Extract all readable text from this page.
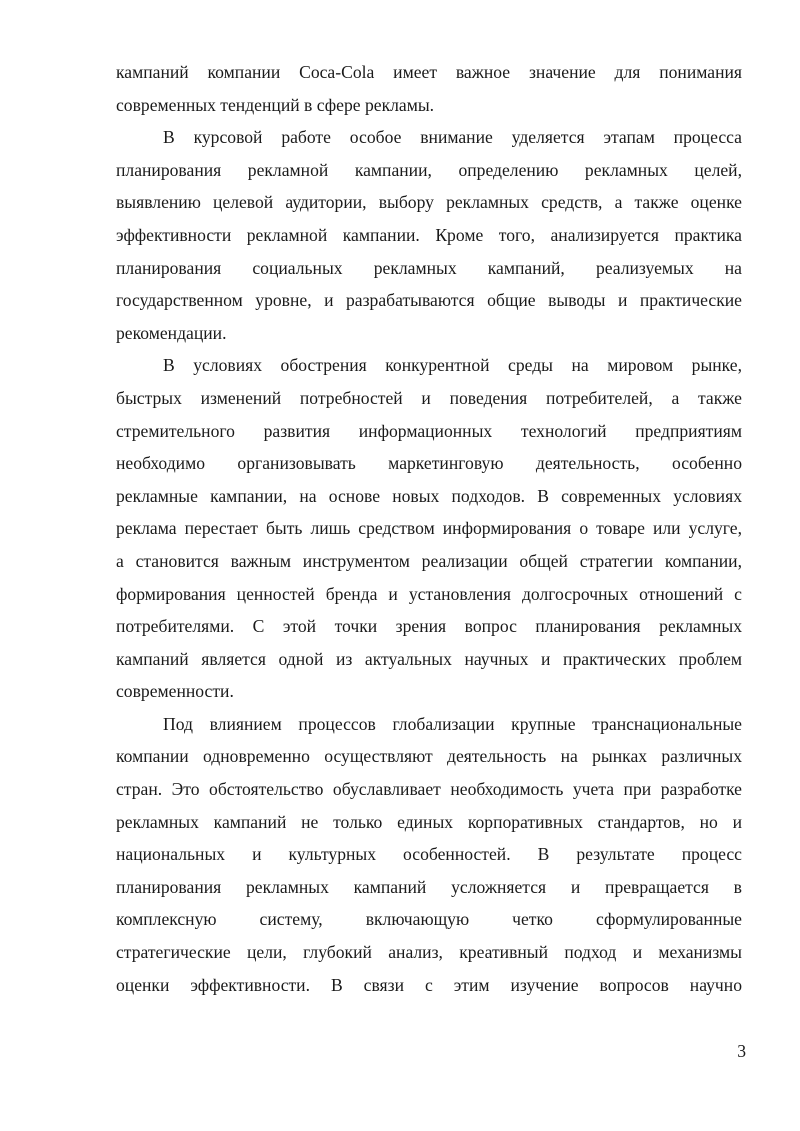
кампаний компании Coca-Cola имеет важное значение для понимания
современных тенденций в сфере рекламы.
В курсовой работе особое внимание уделяется этапам процесса
планирования рекламной кампании, определению рекламных целей,
выявлению целевой аудитории, выбору рекламных средств, а также оценке
эффективности рекламной кампании. Кроме того, анализируется практика
планирования социальных рекламных кампаний, реализуемых на
государственном уровне, и разрабатываются общие выводы и практические
рекомендации.
В условиях обострения конкурентной среды на мировом рынке,
быстрых изменений потребностей и поведения потребителей, а также
стремительного развития информационных технологий предприятиям
необходимо организовывать маркетинговую деятельность, особенно
рекламные кампании, на основе новых подходов. В современных условиях
реклама перестает быть лишь средством информирования о товаре или услуге,
а становится важным инструментом реализации общей стратегии компании,
формирования ценностей бренда и установления долгосрочных отношений с
потребителями. С этой точки зрения вопрос планирования рекламных
кампаний является одной из актуальных научных и практических проблем
современности.
Под влиянием процессов глобализации крупные транснациональные
компании одновременно осуществляют деятельность на рынках различных
стран. Это обстоятельство обуславливает необходимость учета при разработке
рекламных кампаний не только единых корпоративных стандартов, но и
национальных и культурных особенностей. В результате процесс
планирования рекламных кампаний усложняется и превращается в
комплексную систему, включающую четко сформулированные
стратегические цели, глубокий анализ, креативный подход и механизмы
оценки эффективности. В связи с этим изучение вопросов научно
3
